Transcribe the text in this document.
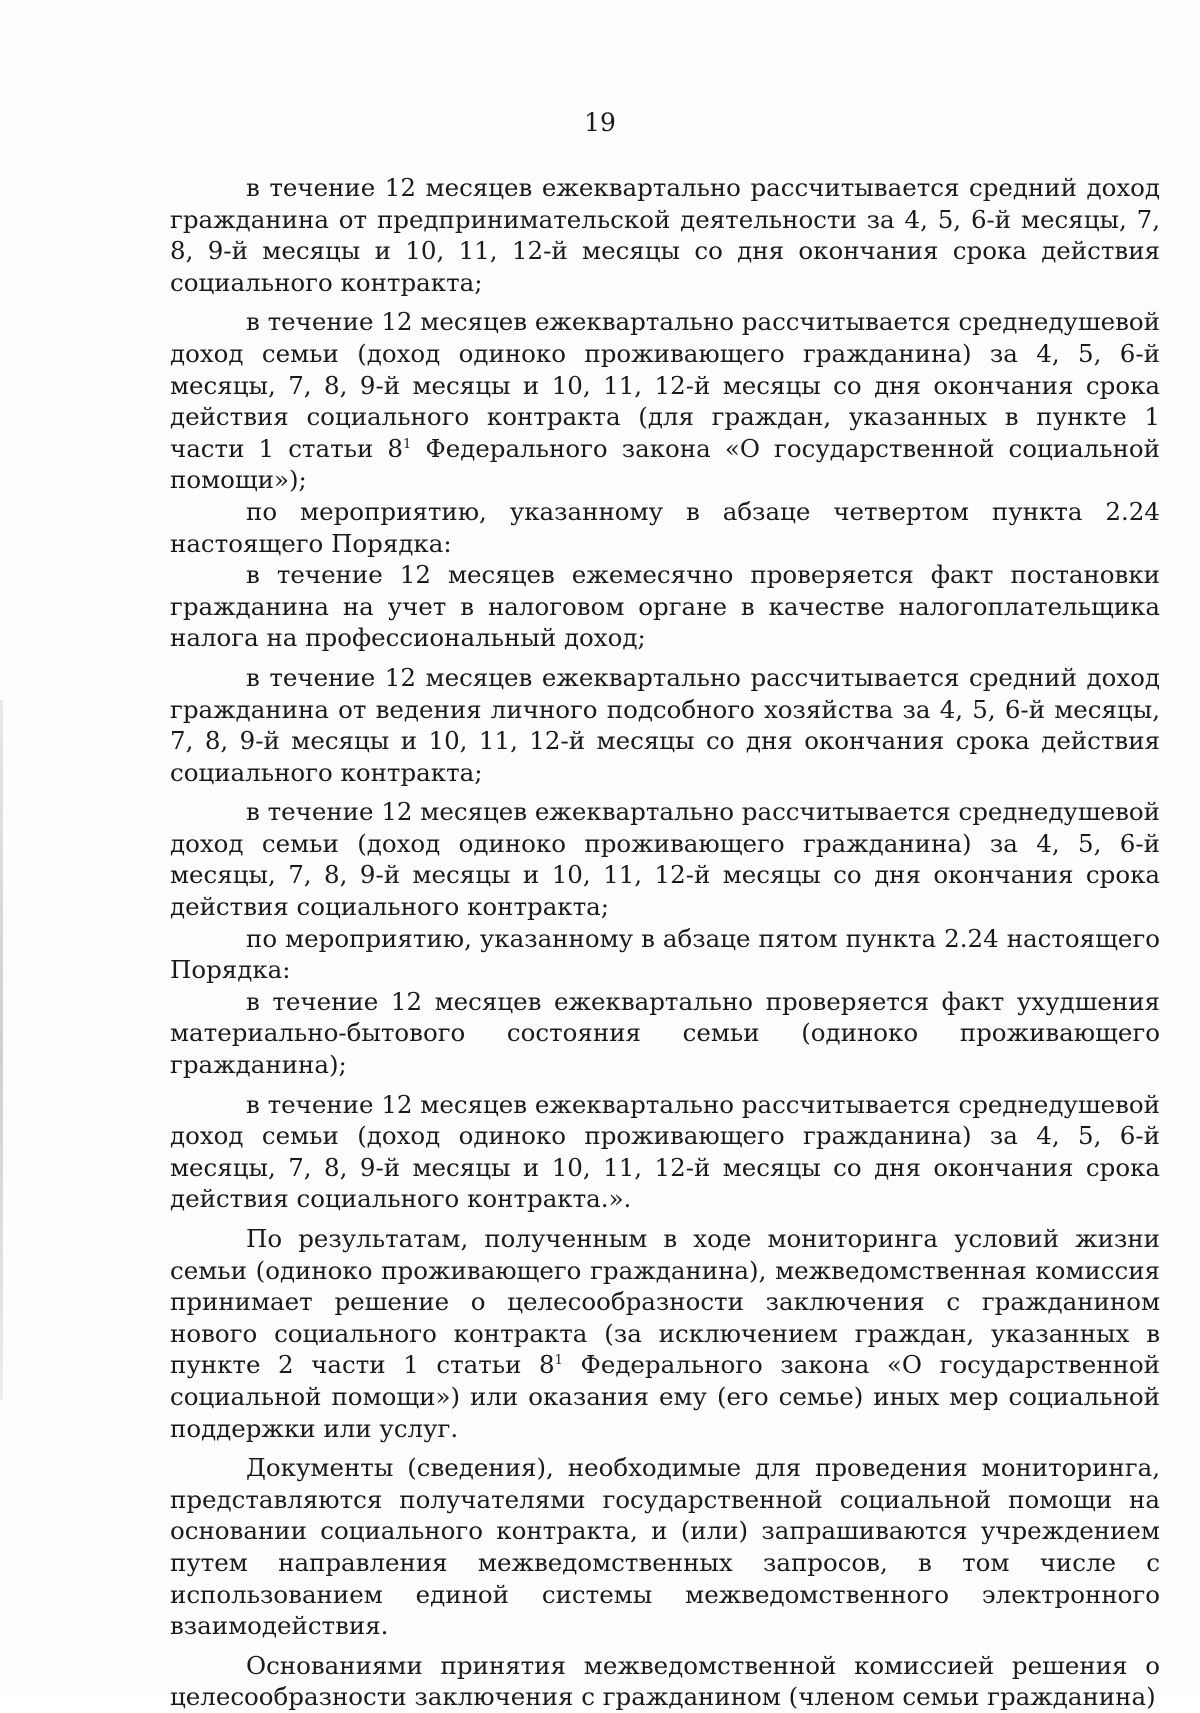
19

в течение 12 месяцев ежеквартально рассчитывается средний доход гражданина от предпринимательской деятельности за 4, 5, 6-й месяцы, 7, 8, 9-й месяцы и 10, 11, 12-й месяцы со дня окончания срока действия социального контракта;

в течение 12 месяцев ежеквартально рассчитывается среднедушевой доход семьи (доход одиноко проживающего гражданина) за 4, 5, 6-й месяцы, 7, 8, 9-й месяцы и 10, 11, 12-й месяцы со дня окончания срока действия социального контракта (для граждан, указанных в пункте 1 части 1 статьи $8^1$ Федерального закона «О государственной социальной помощи»);

по мероприятию, указанному в абзаце четвертом пункта 2.24 настоящего Порядка:

в течение 12 месяцев ежемесячно проверяется факт постановки гражданина на учет в налоговом органе в качестве налогоплательщика налога на профессиональный доход;

в течение 12 месяцев ежеквартально рассчитывается средний доход гражданина от ведения личного подсобного хозяйства за 4, 5, 6-й месяцы, 7, 8, 9-й месяцы и 10, 11, 12-й месяцы со дня окончания срока действия социального контракта;

в течение 12 месяцев ежеквартально рассчитывается среднедушевой доход семьи (доход одиноко проживающего гражданина) за 4, 5, 6-й месяцы, 7, 8, 9-й месяцы и 10, 11, 12-й месяцы со дня окончания срока действия социального контракта;

по мероприятию, указанному в абзаце пятом пункта 2.24 настоящего Порядка:

в течение 12 месяцев ежеквартально проверяется факт ухудшения материально-бытового состояния семьи (одиноко проживающего гражданина);

в течение 12 месяцев ежеквартально рассчитывается среднедушевой доход семьи (доход одиноко проживающего гражданина) за 4, 5, 6-й месяцы, 7, 8, 9-й месяцы и 10, 11, 12-й месяцы со дня окончания срока действия социального контракта.».

По результатам, полученным в ходе мониторинга условий жизни семьи (одиноко проживающего гражданина), межведомственная комиссия принимает решение о целесообразности заключения с гражданином нового социального контракта (за исключением граждан, указанных в пункте 2 части 1 статьи $8^1$ Федерального закона «О государственной социальной помощи») или оказания ему (его семье) иных мер социальной поддержки или услуг.

Документы (сведения), необходимые для проведения мониторинга, представляются получателями государственной социальной помощи на основании социального контракта, и (или) запрашиваются учреждением путем направления межведомственных запросов, в том числе с использованием единой системы межведомственного электронного взаимодействия.

Основаниями принятия межведомственной комиссией решения о целесообразности заключения с гражданином (членом семьи гражданина)
